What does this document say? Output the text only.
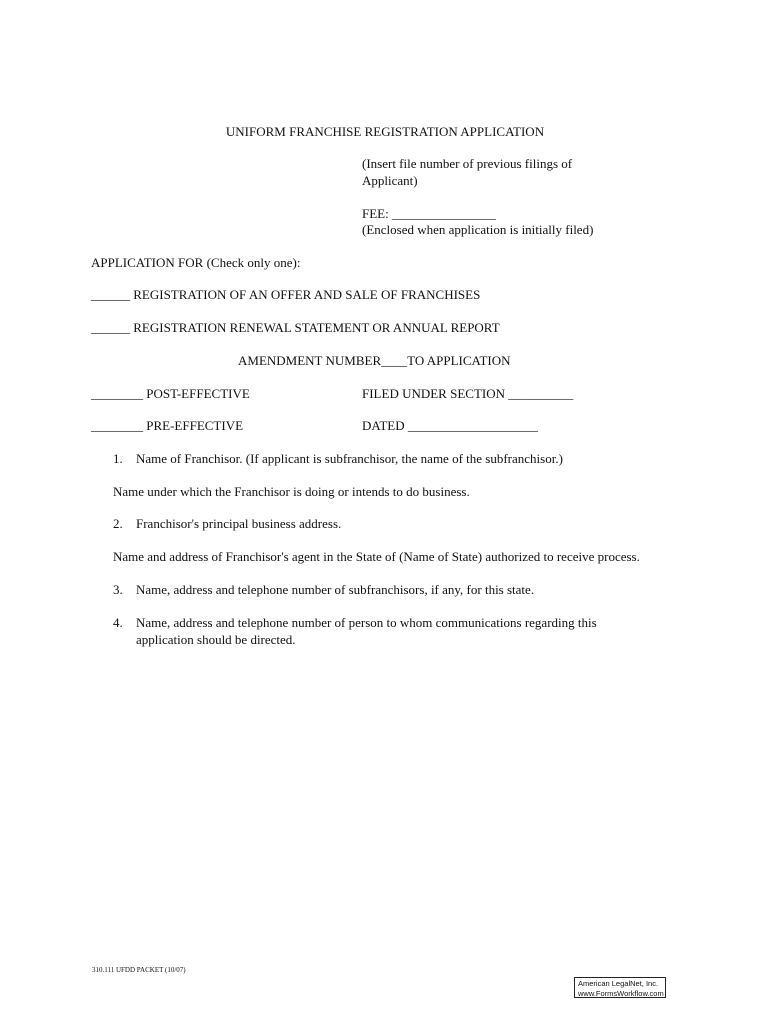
UNIFORM FRANCHISE REGISTRATION APPLICATION
(Insert file number of previous filings of
Applicant)
FEE: ________________
(Enclosed when application is initially filed)
APPLICATION FOR (Check only one):
______ REGISTRATION OF AN OFFER AND SALE OF FRANCHISES
______ REGISTRATION RENEWAL STATEMENT OR ANNUAL REPORT
AMENDMENT NUMBER____TO APPLICATION
________ POST-EFFECTIVE	FILED UNDER SECTION __________
________ PRE-EFFECTIVE	DATED ____________________
1. Name of Franchisor. (If applicant is subfranchisor, the name of the subfranchisor.)
Name under which the Franchisor is doing or intends to do business.
2. Franchisor's principal business address.
Name and address of Franchisor's agent in the State of (Name of State) authorized to receive process.
3. Name, address and telephone number of subfranchisors, if any, for this state.
4. Name, address and telephone number of person to whom communications regarding this
application should be directed.
310.111 UFDD PACKET (10/07)
American LegalNet, Inc.
www.FormsWorkflow.com
